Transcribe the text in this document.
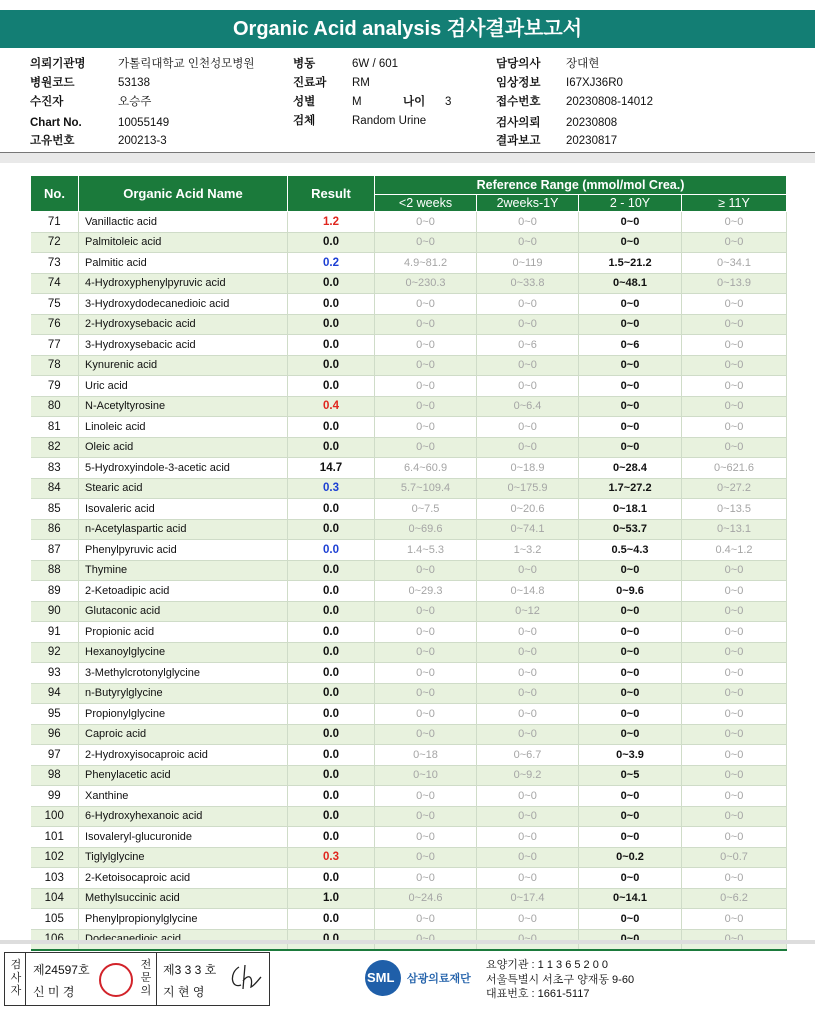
Organic Acid analysis 검사결과보고서
의뢰기관명	가톨릭대학교 인천성모병원
병원코드	53138
수진자	오승주
Chart No.	10055149
고유번호	200213-3
병동	6W / 601
진료과 RM
성별	M	나이 3
검체	Random Urine
담당의사 장대현
임상정보 I67XJ36R0
접수번호 20230808-14012
검사의뢰 20230808
결과보고 20230817
No.	Organic Acid Name	Result	Reference Range (mmol/mol Crea.)			
			<2 weeks	2weeks-1Y	2 - 10Y	≥ 11Y
71	Vanillactic acid	1.2	0~0	0~0	0~0	0~0
72	Palmitoleic acid	0.0	0~0	0~0	0~0	0~0
73	Palmitic acid	0.2	4.9~81.2	0~119	1.5~21.2	0~34.1
74	4-Hydroxyphenylpyruvic acid	0.0	0~230.3	0~33.8	0~48.1	0~13.9
75	3-Hydroxydodecanedioic acid	0.0	0~0	0~0	0~0	0~0
76	2-Hydroxysebacic acid	0.0	0~0	0~0	0~0	0~0
77	3-Hydroxysebacic acid	0.0	0~0	0~6	0~6	0~0
78	Kynurenic acid	0.0	0~0	0~0	0~0	0~0
79	Uric acid	0.0	0~0	0~0	0~0	0~0
80	N-Acetyltyrosine	0.4	0~0	0~6.4	0~0	0~0
81	Linoleic acid	0.0	0~0	0~0	0~0	0~0
82	Oleic acid	0.0	0~0	0~0	0~0	0~0
83	5-Hydroxyindole-3-acetic acid	14.7	6.4~60.9	0~18.9	0~28.4	0~621.6
84	Stearic acid	0.3	5.7~109.4	0~175.9	1.7~27.2	0~27.2
85	Isovaleric acid	0.0	0~7.5	0~20.6	0~18.1	0~13.5
86	n-Acetylaspartic acid	0.0	0~69.6	0~74.1	0~53.7	0~13.1
87	Phenylpyruvic acid	0.0	1.4~5.3	1~3.2	0.5~4.3	0.4~1.2
88	Thymine	0.0	0~0	0~0	0~0	0~0
89	2-Ketoadipic acid	0.0	0~29.3	0~14.8	0~9.6	0~0
90	Glutaconic acid	0.0	0~0	0~12	0~0	0~0
91	Propionic acid	0.0	0~0	0~0	0~0	0~0
92	Hexanoylglycine	0.0	0~0	0~0	0~0	0~0
93	3-Methylcrotonylglycine	0.0	0~0	0~0	0~0	0~0
94	n-Butyrylglycine	0.0	0~0	0~0	0~0	0~0
95	Propionylglycine	0.0	0~0	0~0	0~0	0~0
96	Caproic acid	0.0	0~0	0~0	0~0	0~0
97	2-Hydroxyisocaproic acid	0.0	0~18	0~6.7	0~3.9	0~0
98	Phenylacetic acid	0.0	0~10	0~9.2	0~5	0~0
99	Xanthine	0.0	0~0	0~0	0~0	0~0
100	6-Hydroxyhexanoic acid	0.0	0~0	0~0	0~0	0~0
101	Isovaleryl-glucuronide	0.0	0~0	0~0	0~0	0~0
102	Tiglylglycine	0.3	0~0	0~0	0~0.2	0~0.7
103	2-Ketoisocaproic acid	0.0	0~0	0~0	0~0	0~0
104	Methylsuccinic acid	1.0	0~24.6	0~17.4	0~14.1	0~6.2
105	Phenylpropionylglycine	0.0	0~0	0~0	0~0	0~0

검
사
자
제24597호
신 미 경
전
문
의
제3 3 3 호
지 현 영
SML 삼광의료재단
요양기관 : 1 1 3 6 5 2 0 0
서울특별시 서초구 양재동 9-60
대표번호 : 1661-5117
